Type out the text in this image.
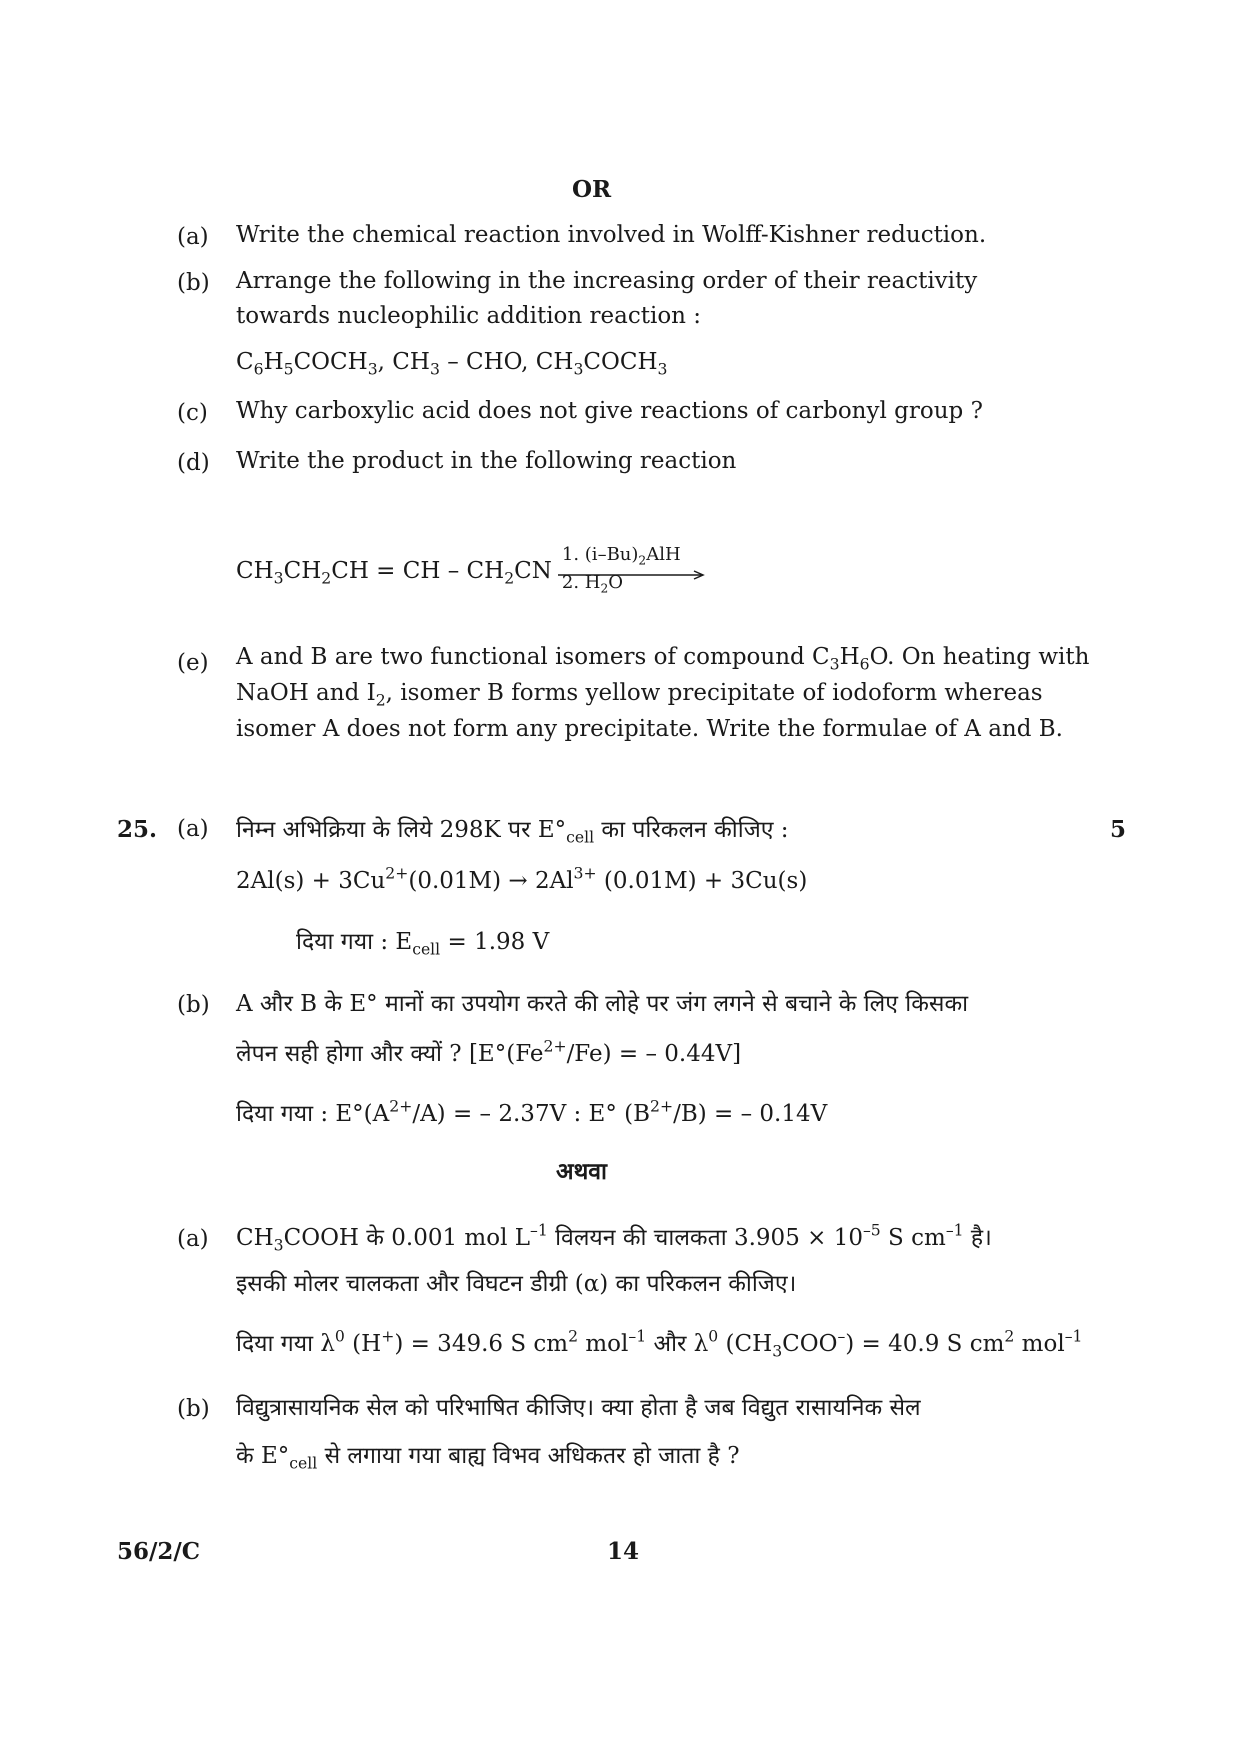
OR
(a) Write the chemical reaction involved in Wolff-Kishner reduction.
(b) Arrange the following in the increasing order of their reactivity towards nucleophilic addition reaction :
$C_6H_5COCH_3$, $CH_3$ – CHO, $CH_3COCH_3$
(c) Why carboxylic acid does not give reactions of carbonyl group ?
(d) Write the product in the following reaction
$CH_3CH_2CH$ = CH – $CH_2CN$
1. $(i-Bu)_2AlH$
2. $H_2O$
(e) A and B are two functional isomers of compound $C_3H_6O$. On heating with
NaOH and $I_2$, isomer B forms yellow precipitate of iodoform whereas
isomer A does not form any precipitate. Write the formulae of A and B.
25. (a) निम्न अभिक्रिया के लिये 298K पर $E^\circ_{cell}$ का परिकलन कीजिए :	5
$2Al(s) + 3Cu^{2+}(0.01M) \to 2Al^{3+}$ (0.01M) + 3Cu(s)
दिया गया : $E_{cell} = 1.98$ V
(b) A और B के E° मानों का उपयोग करते की लोहे पर जंग लगने से बचाने के लिए किसका
लेपन सही होगा और क्यों ? [$E^\circ(Fe^{2+}/Fe)$ = – 0.44V]
दिया गया : $E^\circ(A^{2+}/A)$ = – 2.37V : E° $(B^{2+}/B)$ = – 0.14V
अथवा
(a) $CH_3COOH$ के 0.001 mol $L^{-1}$ विलयन की चालकता $3.905 \times 10^{-5}$ S $cm^{-1}$ है।
इसकी मोलर चालकता और विघटन डीग्री (α) का परिकलन कीजिए।
दिया गया $\lambda^0$ (H+) = 349.6 S $cm^2$ mol$^{-1}$ और $\lambda^0$ $(CH_3COO^-) = 40.9$ S $cm^2$ mol$^{-1}$
(b) विद्युत्रासायनिक सेल को परिभाषित कीजिए। क्या होता है जब विद्युत रासायनिक सेल
के $E^\circ_{cell}$ से लगाया गया बाह्य विभव अधिकतर हो जाता है ?
56/2/C	14
